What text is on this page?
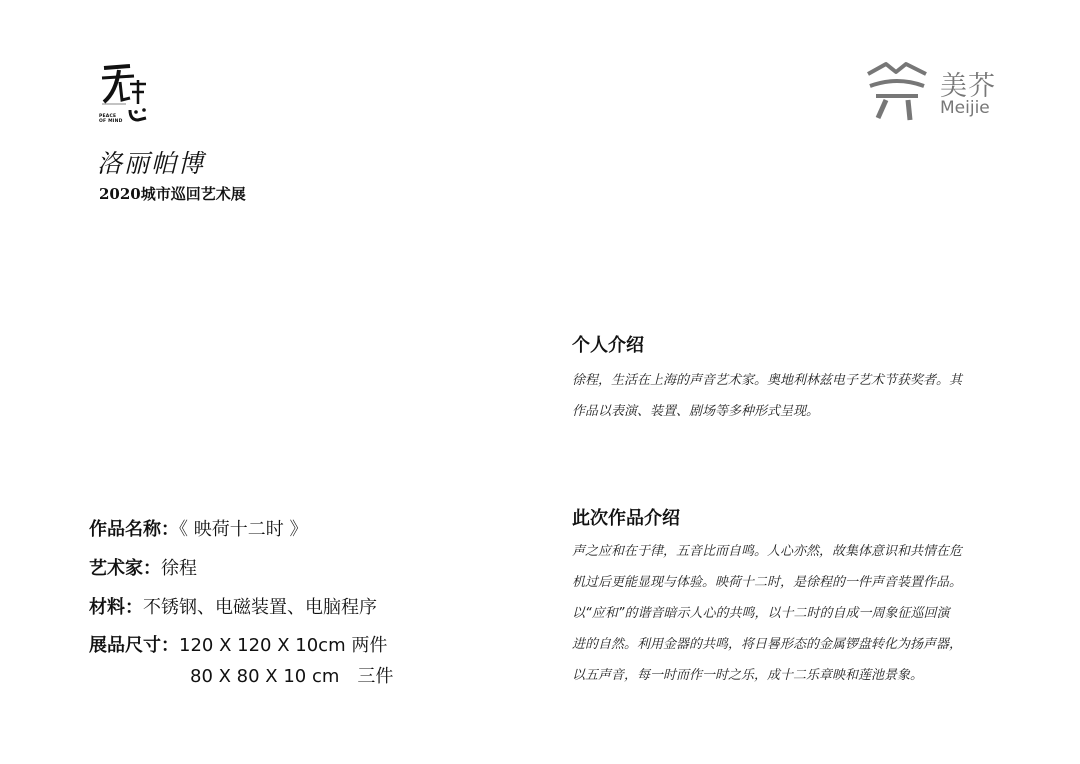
PEACE
OF MIND
洛丽帕博
2020城市巡回艺术展
美芥
Meijie
个人介绍
徐程，生活在上海的声音艺术家。奥地利林兹电子艺术节获奖者。其
作品以表演、装置、剧场等多种形式呈现。
此次作品介绍
声之应和在于律，五音比而自鸣。人心亦然，故集体意识和共情在危
机过后更能显现与体验。映荷十二时，是徐程的一件声音装置作品。
以“应和”的谐音暗示人心的共鸣，以十二时的自成一周象征巡回演
进的自然。利用金器的共鸣，将日晷形态的金属锣盘转化为扬声器，
以五声音，每一时而作一时之乐，成十二乐章映和莲池景象。
作品名称：《 映荷十二时 》
艺术家：徐程
材料：不锈钢、电磁装置、电脑程序
展品尺寸：120 X 120 X 10cm 两件
80 X 80 X 10 cm　三件
